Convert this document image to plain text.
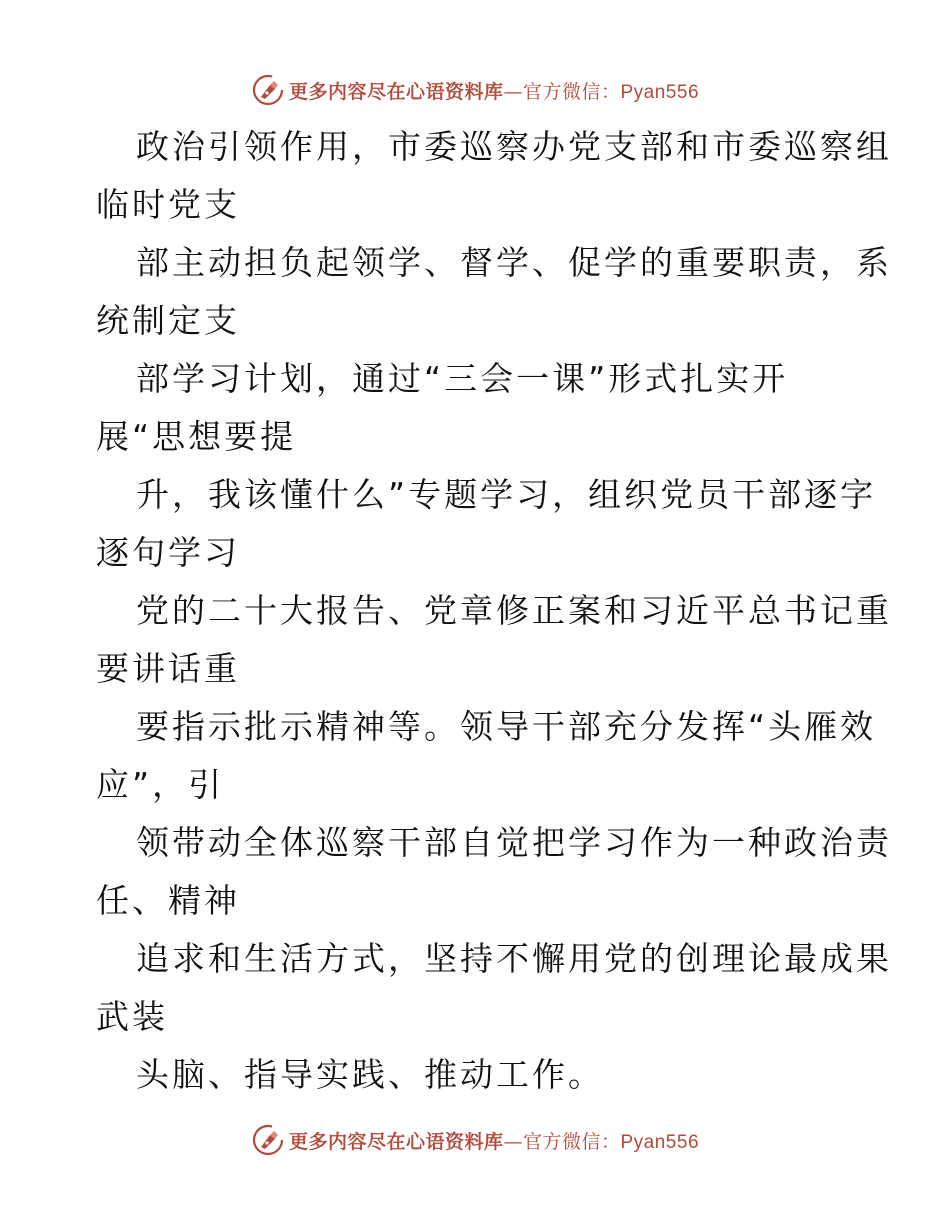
更多内容尽在心语资料库—官方微信：Pyan556
政治引领作用，市委巡察办党支部和市委巡察组
临时党支
部主动担负起领学、督学、促学的重要职责，系
统制定支
部学习计划，通过“三会一课”形式扎实开
展“思想要提
升，我该懂什么”专题学习，组织党员干部逐字
逐句学习
党的二十大报告、党章修正案和习近平总书记重
要讲话重
要指示批示精神等。领导干部充分发挥“头雁效
应”，引
领带动全体巡察干部自觉把学习作为一种政治责
任、精神
追求和生活方式，坚持不懈用党的创理论最成果
武装
头脑、指导实践、推动工作。
更多内容尽在心语资料库—官方微信：Pyan556
